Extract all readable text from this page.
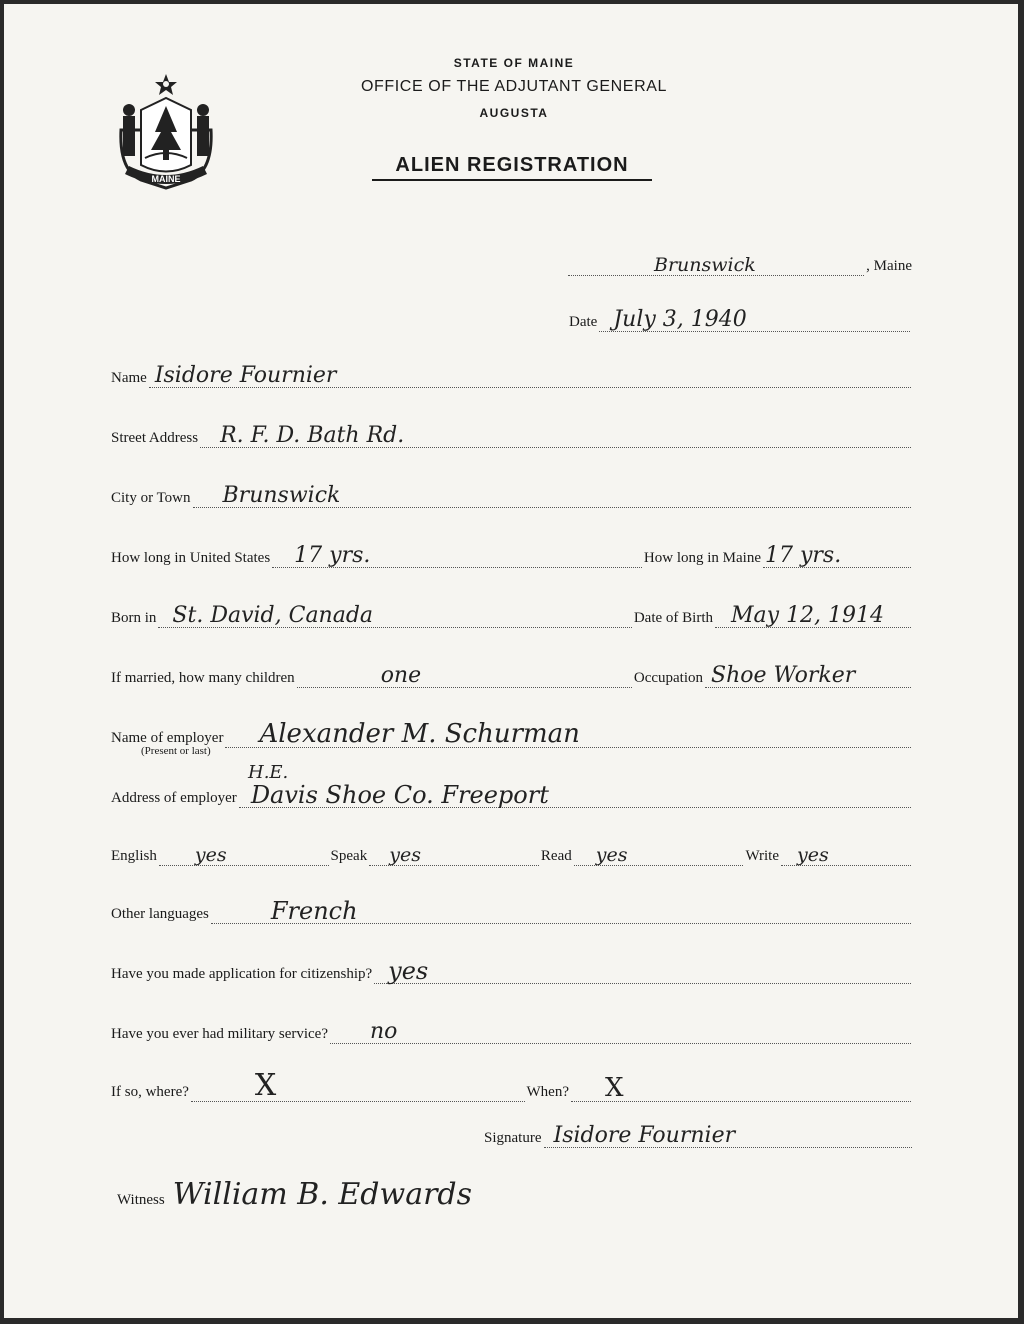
MAINE
STATE OF MAINE
OFFICE OF THE ADJUTANT GENERAL
AUGUSTA
ALIEN REGISTRATION
Brunswick	, Maine
Date July 3, 1940
Name Isidore Fournier
Street Address R. F. D. Bath Rd.
City or Town Brunswick
How long in United States 17 yrs.	How long in Maine 17 yrs.
Born in St. David, Canada	Date of Birth May 12, 1914
If married, how many children	one	Occupation Shoe Worker
Name of employer Alexander M. Schurman
(Present or last)
H.E.
Address of employer Davis Shoe Co. Freeport
English yes	Speak yes	Read yes	Write yes
Other languages	French
Have you made application for citizenship? yes
Have you ever had military service? no
If so, where? X	When? X
Signature Isidore Fournier
Witness William B. Edwards
